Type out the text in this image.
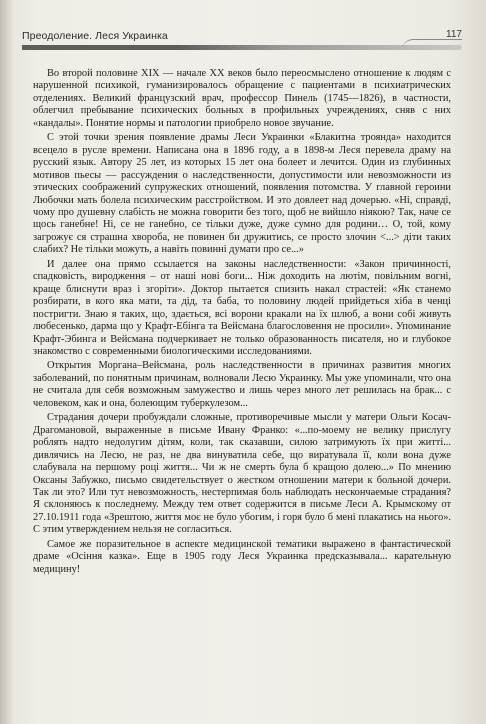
Преодоление. Леся Украинка	117

Во второй половине XIX — начале XX веков было переосмыслено отношение к людям с нарушенной психикой, гуманизировалось обращение с пациентами в психиатрических отделениях. Великий французский врач, профессор Пинель (1745—1826), в частности, облегчил пребывание психических больных в профильных учреждениях, сняв с них «кандалы». Понятие нормы и патологии приобрело новое звучание.

С этой точки зрения появление драмы Леси Украинки «Блакитна троянда» находится всецело в русле времени. Написана она в 1896 году, а в 1898-м Леся перевела драму на русский язык. Автору 25 лет, из которых 15 лет она болеет и лечится. Один из глубинных мотивов пьесы — рассуждения о наследственности, допустимости или невозможности из этических соображений супружеских отношений, появления потомства. У главной героини Любочки мать болела психическим расстройством. И это довлеет над дочерью. «Ні, справді, чому про душевну слабість не можна говорити без того, щоб не вийшло ніякою? Так, наче се щось ганебне! Ні, се не ганебно, се тільки дуже, дуже сумно для родини… О, той, кому загрожує ся страшна хвороба, не повинен би дружитись, се просто злочин <...> діти таких слабих? Не тільки можуть, а навіть повинні думати про се...»

И далее она прямо ссылается на законы наследственности: «Закон причинності, спадковість, виродження – от наші нові боги... Ніж доходить на лютім, повільним вогні, краще блиснути враз і згоріти». Доктор пытается спизить накал страстей: «Як станемо розбирати, в кого яка мати, та дід, та баба, то половину людей прийдеться хіба в ченці постригти. Знаю я таких, що, здається, всі ворони кракали на їх шлюб, а вони собі живуть любесенько, дарма що у Крафт-Ебінга та Вейсмана благословення не просили». Упоминание Крафт-Эбинга и Вейсмана подчеркивает не только образованность писателя, но и глубокое знакомство с современными биологическими исследованиями.

Открытия Моргана–Вейсмана, роль наследственности в причинах развития многих заболеваний, по понятным причинам, волновали Лесю Украинку. Мы уже упоминали, что она не считала для себя возможным замужество и лишь через много лет решилась на брак... с человеком, как и она, болеющим туберкулезом...

Страдания дочери пробуждали сложные, противоречивые мысли у матери Ольги Косач-Драгомановой, выраженные в письме Ивану Франко: «...по-моему не велику прислугу роблять надто недолугим дітям, коли, так сказавши, силою затримують їх при житті... дивлячись на Лесю, не раз, не два винуватила себе, що виратувала її, коли вона дуже слабувала на першому році життя... Чи ж не смерть була б кращою долею...» По мнению Оксаны Забужко, письмо свидетельствует о жестком отношении матери к больной дочери. Так ли это? Или тут невозможность, нестерпимая боль наблюдать нескончаемые страдания? Я склоняюсь к последнему. Между тем ответ содержится в письме Леси А. Крымскому от 27.10.1911 года «Зрештою, життя моє не було убогим, і горя було б мені плакатись на нього». С этим утверждением нельзя не согласиться.

Самое же поразительное в аспекте медицинской тематики выражено в фантастической драме «Осіння казка». Еще в 1905 году Леся Украинка предсказывала... карательную медицину!
